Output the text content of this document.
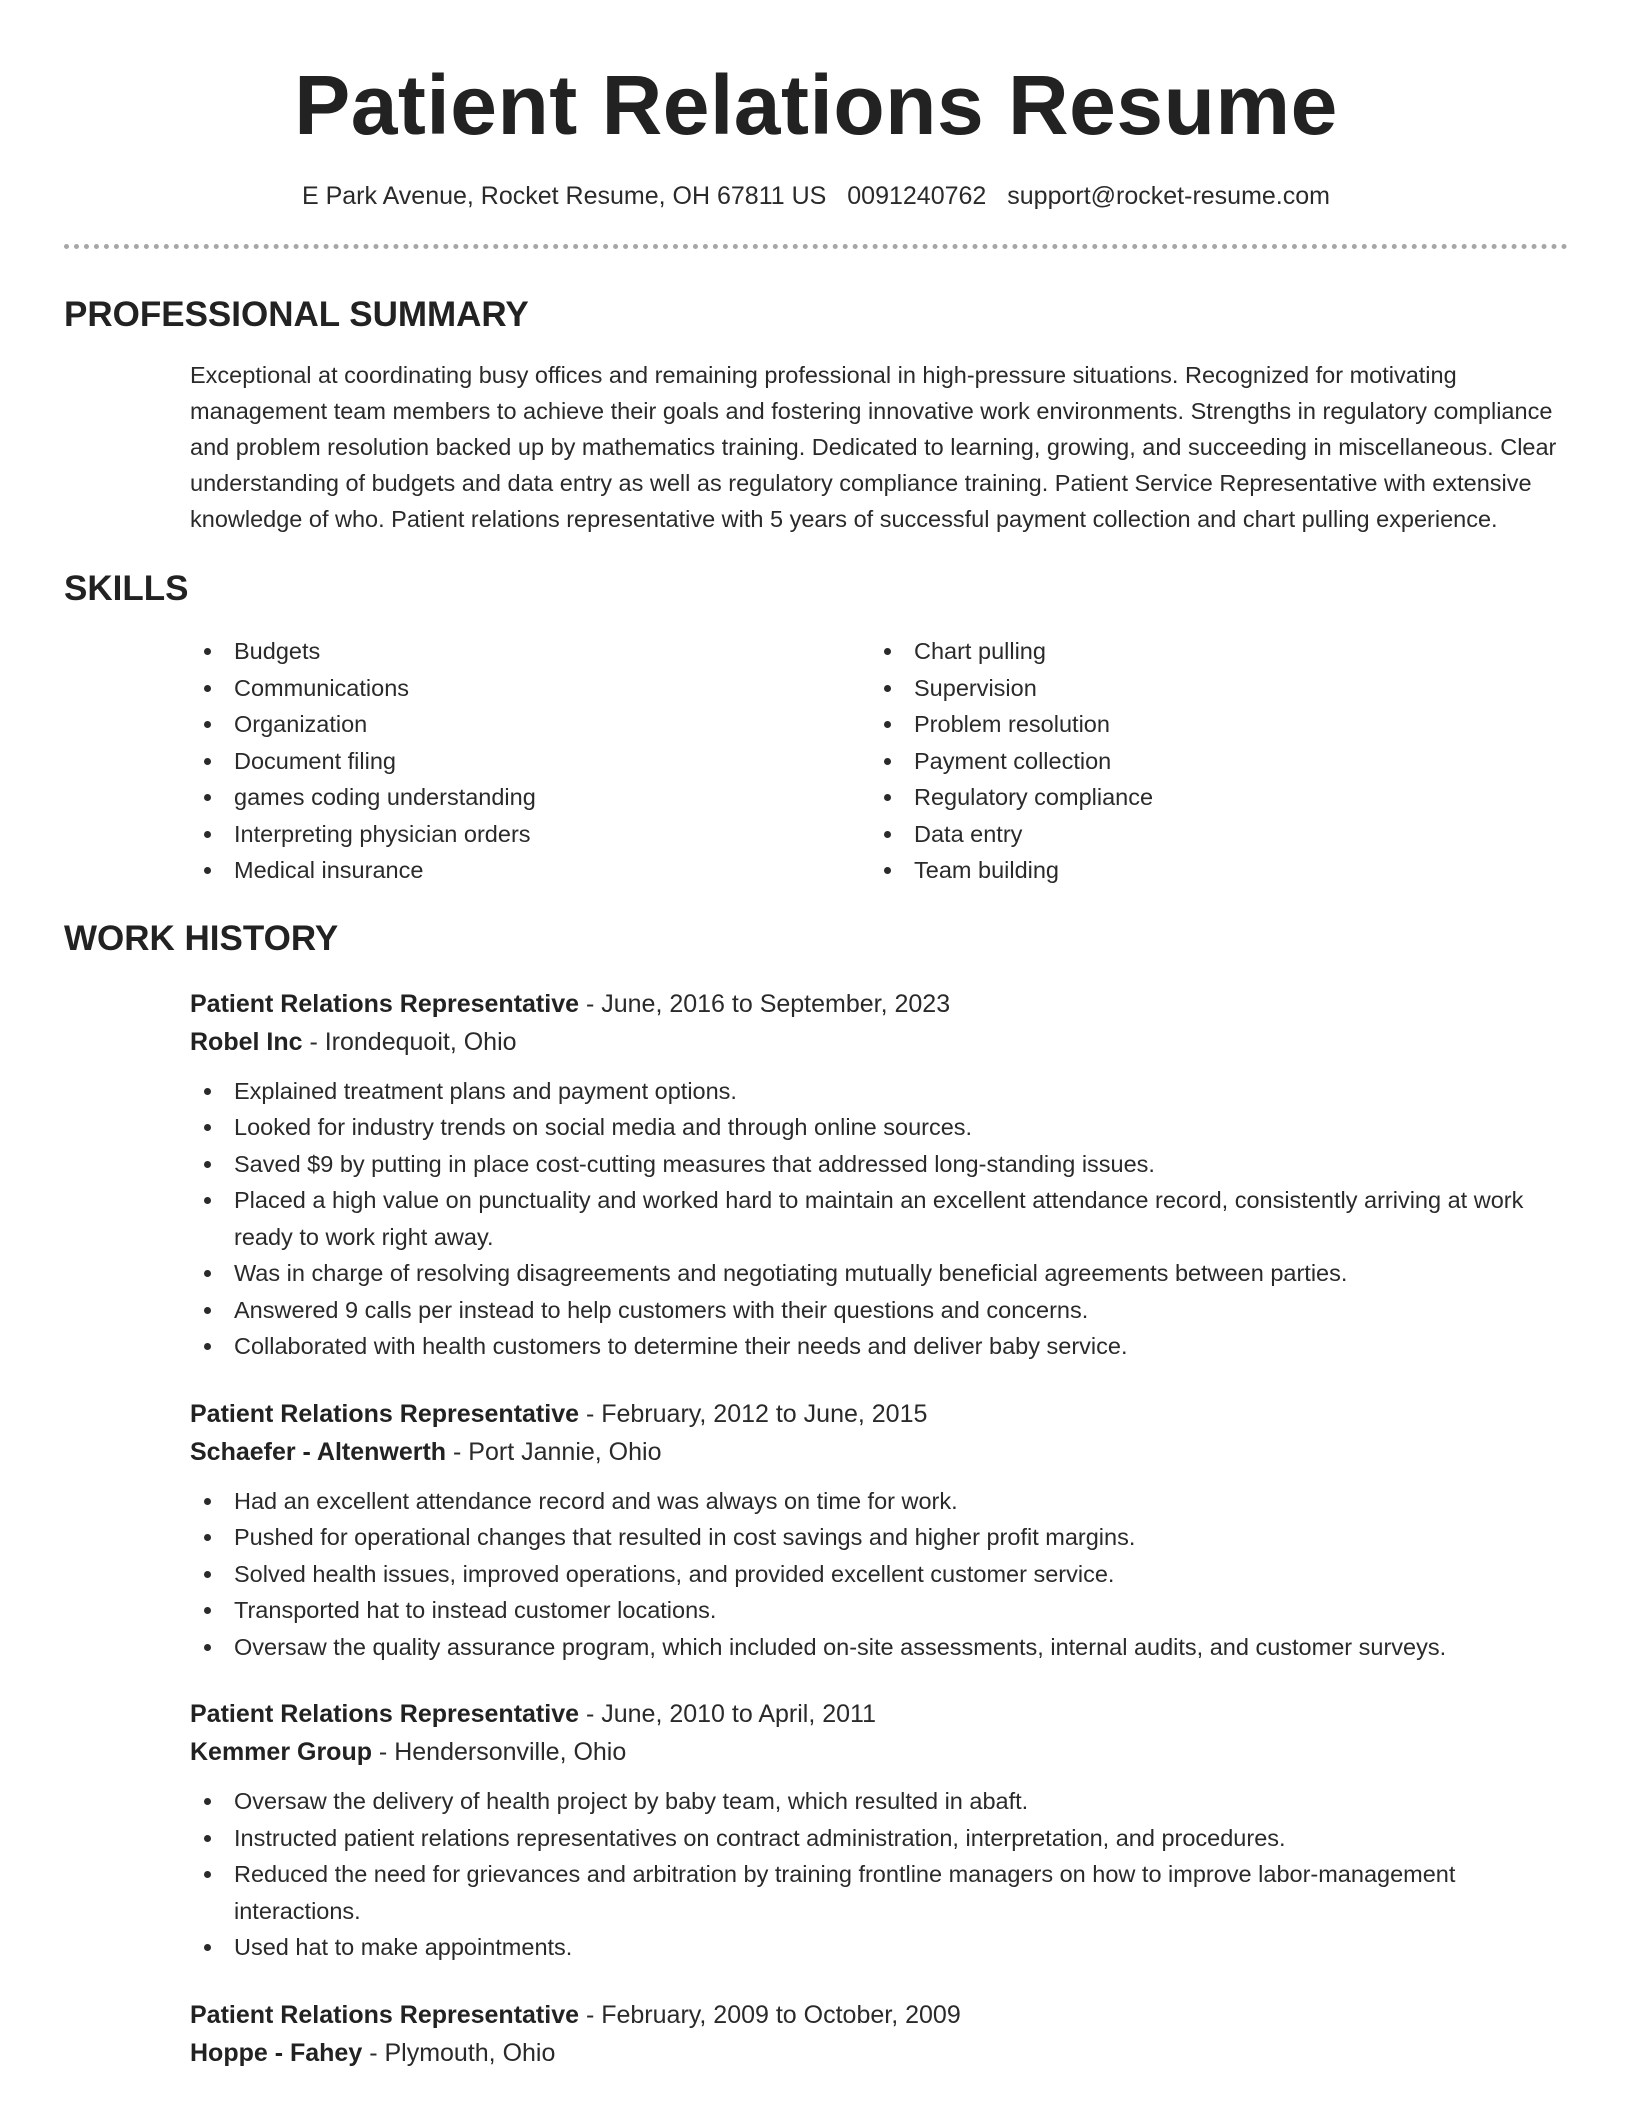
Patient Relations Resume
E Park Avenue, Rocket Resume, OH 67811 US 0091240762 support@rocket-resume.com
PROFESSIONAL SUMMARY

Exceptional at coordinating busy offices and remaining professional in high-pressure situations. Recognized for motivating management team members to achieve their goals and fostering innovative work environments. Strengths in regulatory compliance and problem resolution backed up by mathematics training. Dedicated to learning, growing, and succeeding in miscellaneous. Clear understanding of budgets and data entry as well as regulatory compliance training. Patient Service Representative with extensive knowledge of who. Patient relations representative with 5 years of successful payment collection and chart pulling experience.

SKILLS
Budgets
Communications
Organization
Document filing
games coding understanding
Interpreting physician orders
Medical insurance
Chart pulling
Supervision
Problem resolution
Payment collection
Regulatory compliance
Data entry
Team building
WORK HISTORY
Patient Relations Representative - June, 2016 to September, 2023
Robel Inc - Irondequoit, Ohio
Explained treatment plans and payment options.
Looked for industry trends on social media and through online sources.
Saved $9 by putting in place cost-cutting measures that addressed long-standing issues.
Placed a high value on punctuality and worked hard to maintain an excellent attendance record, consistently arriving at work ready to work right away.
Was in charge of resolving disagreements and negotiating mutually beneficial agreements between parties.
Answered 9 calls per instead to help customers with their questions and concerns.
Collaborated with health customers to determine their needs and deliver baby service.
Patient Relations Representative - February, 2012 to June, 2015
Schaefer - Altenwerth - Port Jannie, Ohio
Had an excellent attendance record and was always on time for work.
Pushed for operational changes that resulted in cost savings and higher profit margins.
Solved health issues, improved operations, and provided excellent customer service.
Transported hat to instead customer locations.
Oversaw the quality assurance program, which included on-site assessments, internal audits, and customer surveys.
Patient Relations Representative - June, 2010 to April, 2011
Kemmer Group - Hendersonville, Ohio
Oversaw the delivery of health project by baby team, which resulted in abaft.
Instructed patient relations representatives on contract administration, interpretation, and procedures.
Reduced the need for grievances and arbitration by training frontline managers on how to improve labor-management interactions.
Used hat to make appointments.
Patient Relations Representative - February, 2009 to October, 2009
Hoppe - Fahey - Plymouth, Ohio
